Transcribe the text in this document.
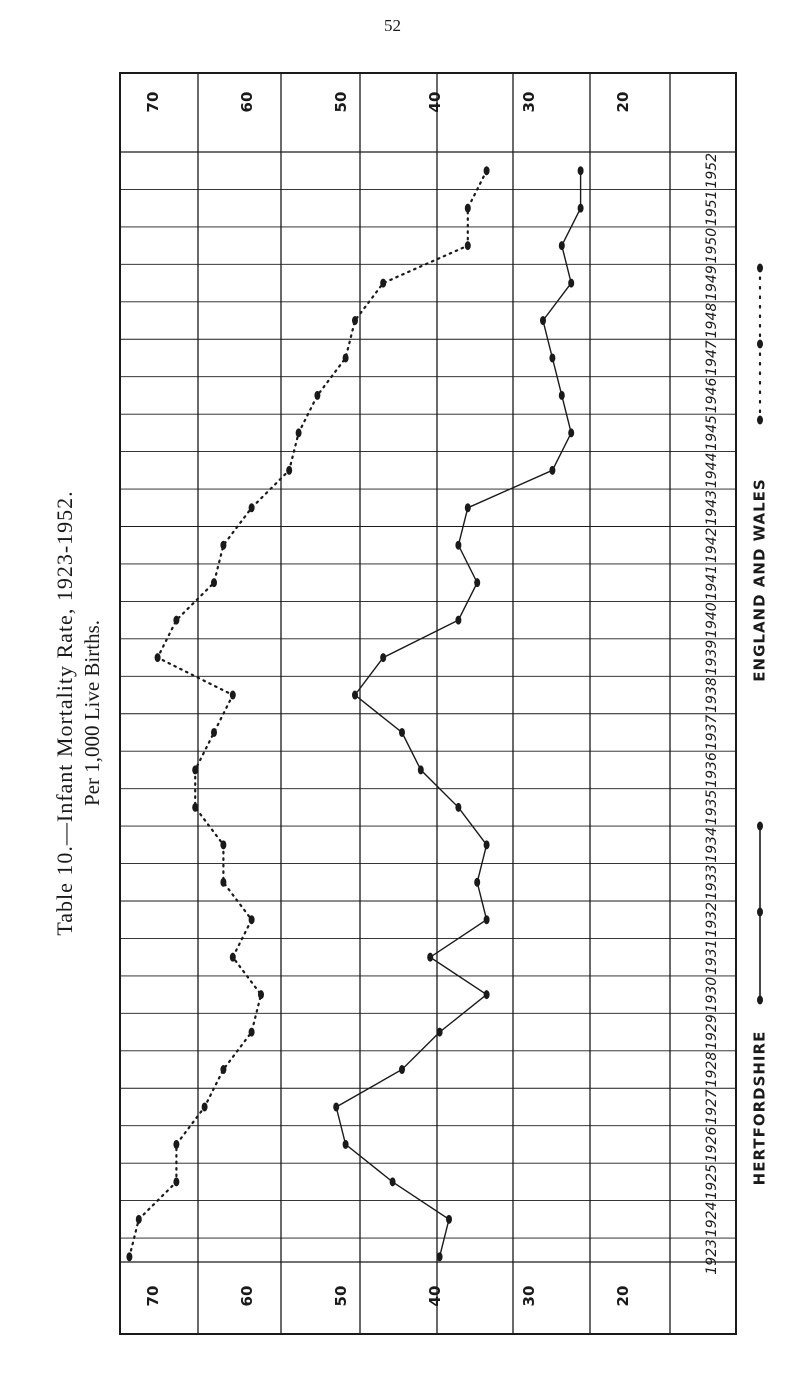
52
Table 10.—Infant Mortality Rate, 1923-1952. Per 1,000 Live Births.
70	60	50	40	30	20
70	60	50	40	30	20
1923
1924
1925
1926
1927
1928
1929
1930
1931
1932
1933
1934
1935
1936
1937
1938
1939
1940
1941
1942
1943
1944
1945
1946
1947
1948
1949
1950
1951
1952
ENGLAND AND WALES
HERTFORDSHIRE
